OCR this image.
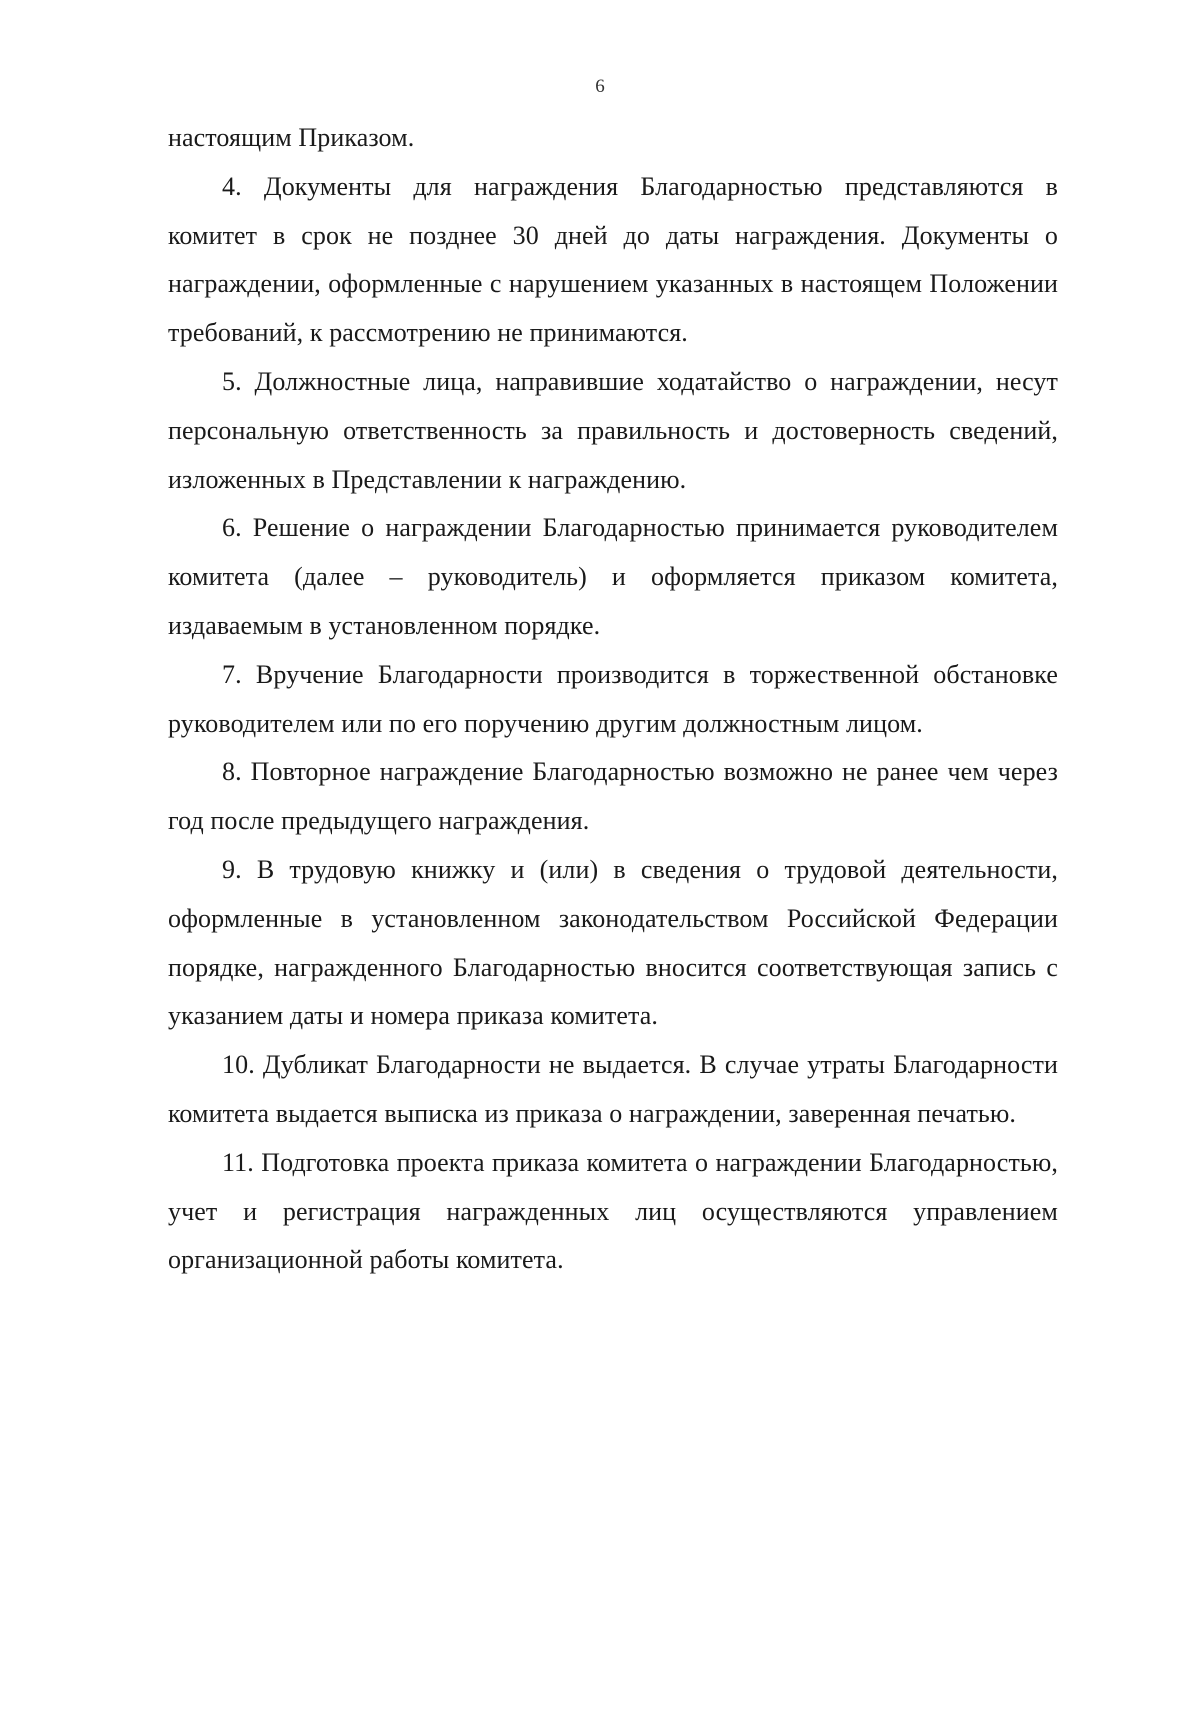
6

настоящим Приказом.

4. Документы для награждения Благодарностью представляются в комитет в срок не позднее 30 дней до даты награждения. Документы о награждении, оформленные с нарушением указанных в настоящем Положении требований, к рассмотрению не принимаются.

5. Должностные лица, направившие ходатайство о награждении, несут персональную ответственность за правильность и достоверность сведений, изложенных в Представлении к награждению.

6. Решение о награждении Благодарностью принимается руководителем комитета (далее – руководитель) и оформляется приказом комитета, издаваемым в установленном порядке.

7. Вручение Благодарности производится в торжественной обстановке руководителем или по его поручению другим должностным лицом.

8. Повторное награждение Благодарностью возможно не ранее чем через год после предыдущего награждения.

9. В трудовую книжку и (или) в сведения о трудовой деятельности, оформленные в установленном законодательством Российской Федерации порядке, награжденного Благодарностью вносится соответствующая запись с указанием даты и номера приказа комитета.

10. Дубликат Благодарности не выдается. В случае утраты Благодарности комитета выдается выписка из приказа о награждении, заверенная печатью.

11. Подготовка проекта приказа комитета о награждении Благодарностью, учет и регистрация награжденных лиц осуществляются управлением организационной работы комитета.
